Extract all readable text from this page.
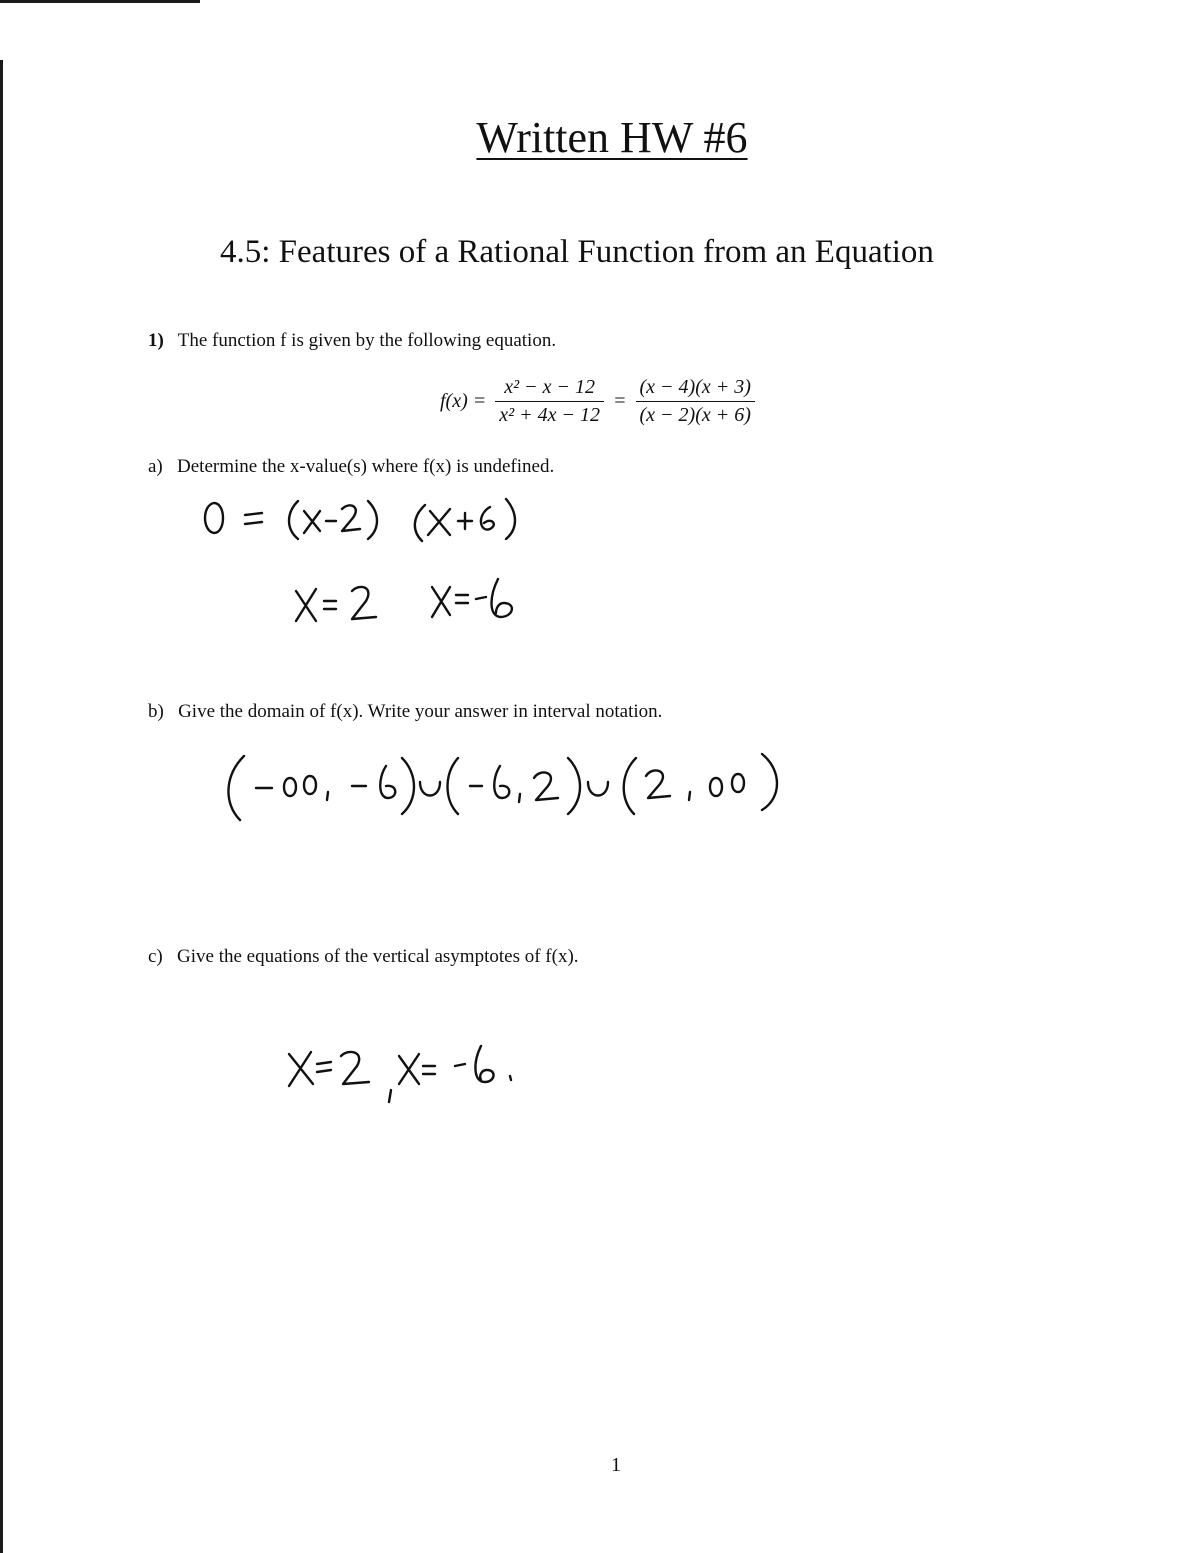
Written HW #6
4.5: Features of a Rational Function from an Equation
1) The function f is given by the following equation.
$f(x) = \frac{\text{x² − x − 12}}{\text{x² + 4x − 12}} = \frac{(x - 4)(x + 3)}{(x - 2)(x + 6)}$
a) Determine the x-value(s) where f(x) is undefined.
b) Give the domain of f(x). Write your answer in interval notation.
c) Give the equations of the vertical asymptotes of f(x).
1
